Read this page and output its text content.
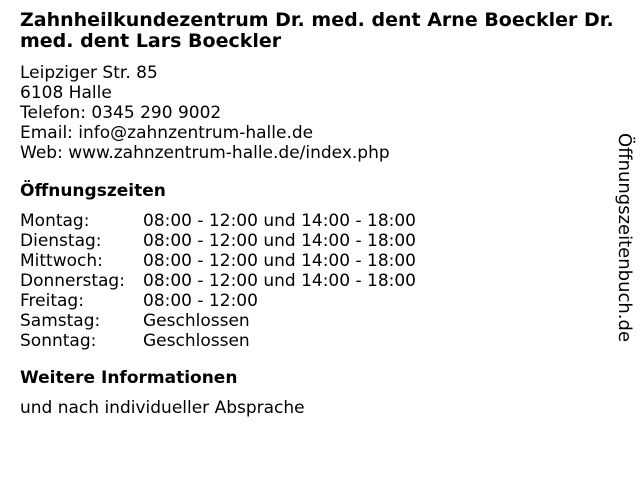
Zahnheilkundezentrum Dr. med. dent Arne Boeckler Dr. med. dent Lars Boeckler
Leipziger Str. 85
6108 Halle
Telefon: 0345 290 9002
Email: info@zahnzentrum-halle.de
Web: www.zahnzentrum-halle.de/index.php
Öffnungszeiten
Montag:	08:00 - 12:00 und 14:00 - 18:00
Dienstag:	08:00 - 12:00 und 14:00 - 18:00
Mittwoch:	08:00 - 12:00 und 14:00 - 18:00
Donnerstag:	08:00 - 12:00 und 14:00 - 18:00
Freitag:	08:00 - 12:00
Samstag:	Geschlossen
Sonntag:	Geschlossen
Weitere Informationen
und nach individueller Absprache
Öffnungszeitenbuch.de
